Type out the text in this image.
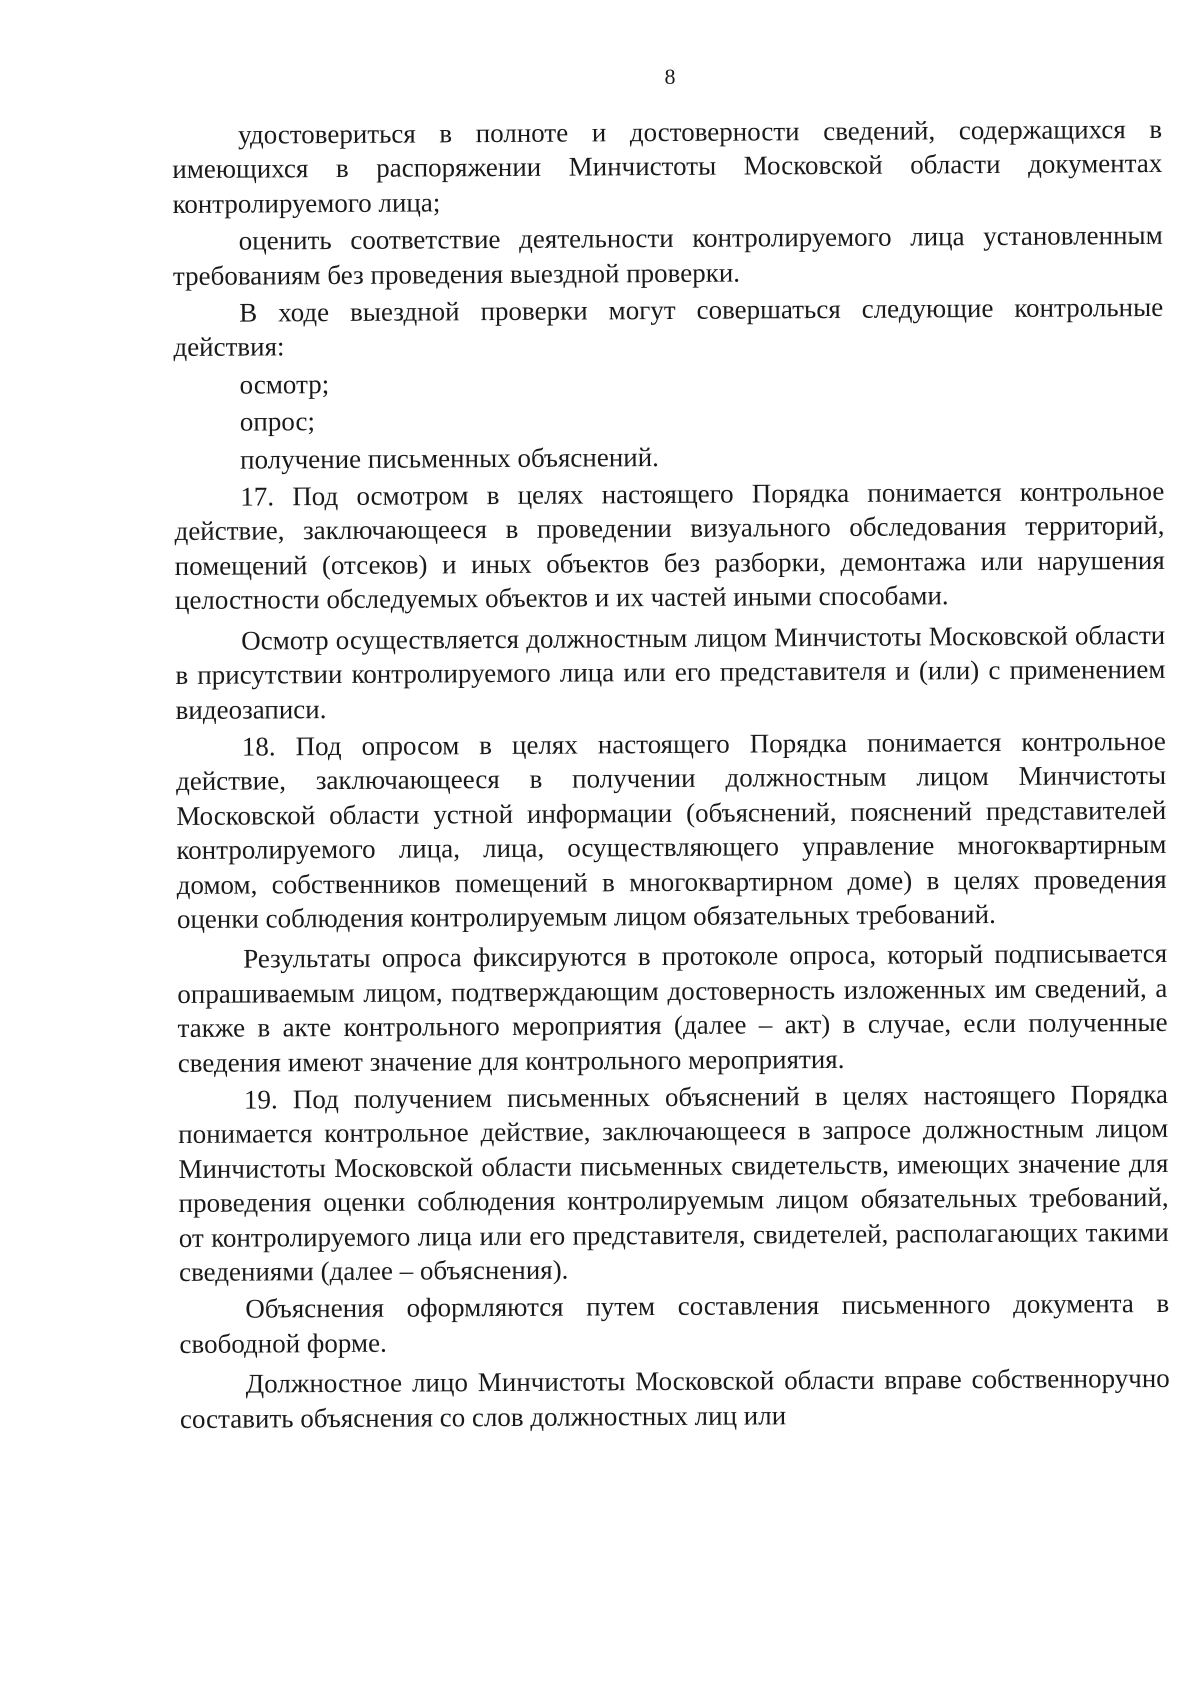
8

удостовериться в полноте и достоверности сведений, содержащихся в имеющихся в распоряжении Минчистоты Московской области документах контролируемого лица;

оценить соответствие деятельности контролируемого лица установленным требованиям без проведения выездной проверки.

В ходе выездной проверки могут совершаться следующие контрольные действия:

осмотр;

опрос;

получение письменных объяснений.

17. Под осмотром в целях настоящего Порядка понимается контрольное действие, заключающееся в проведении визуального обследования территорий, помещений (отсеков) и иных объектов без разборки, демонтажа или нарушения целостности обследуемых объектов и их частей иными способами.

Осмотр осуществляется должностным лицом Минчистоты Московской области в присутствии контролируемого лица или его представителя и (или) с применением видеозаписи.

18. Под опросом в целях настоящего Порядка понимается контрольное действие, заключающееся в получении должностным лицом Минчистоты Московской области устной информации (объяснений, пояснений представителей контролируемого лица, лица, осуществляющего управление многоквартирным домом, собственников помещений в многоквартирном доме) в целях проведения оценки соблюдения контролируемым лицом обязательных требований.

Результаты опроса фиксируются в протоколе опроса, который подписывается опрашиваемым лицом, подтверждающим достоверность изложенных им сведений, а также в акте контрольного мероприятия (далее – акт) в случае, если полученные сведения имеют значение для контрольного мероприятия.

19. Под получением письменных объяснений в целях настоящего Порядка понимается контрольное действие, заключающееся в запросе должностным лицом Минчистоты Московской области письменных свидетельств, имеющих значение для проведения оценки соблюдения контролируемым лицом обязательных требований, от контролируемого лица или его представителя, свидетелей, располагающих такими сведениями (далее – объяснения).

Объяснения оформляются путем составления письменного документа в свободной форме.

Должностное лицо Минчистоты Московской области вправе собственноручно составить объяснения со слов должностных лиц или
